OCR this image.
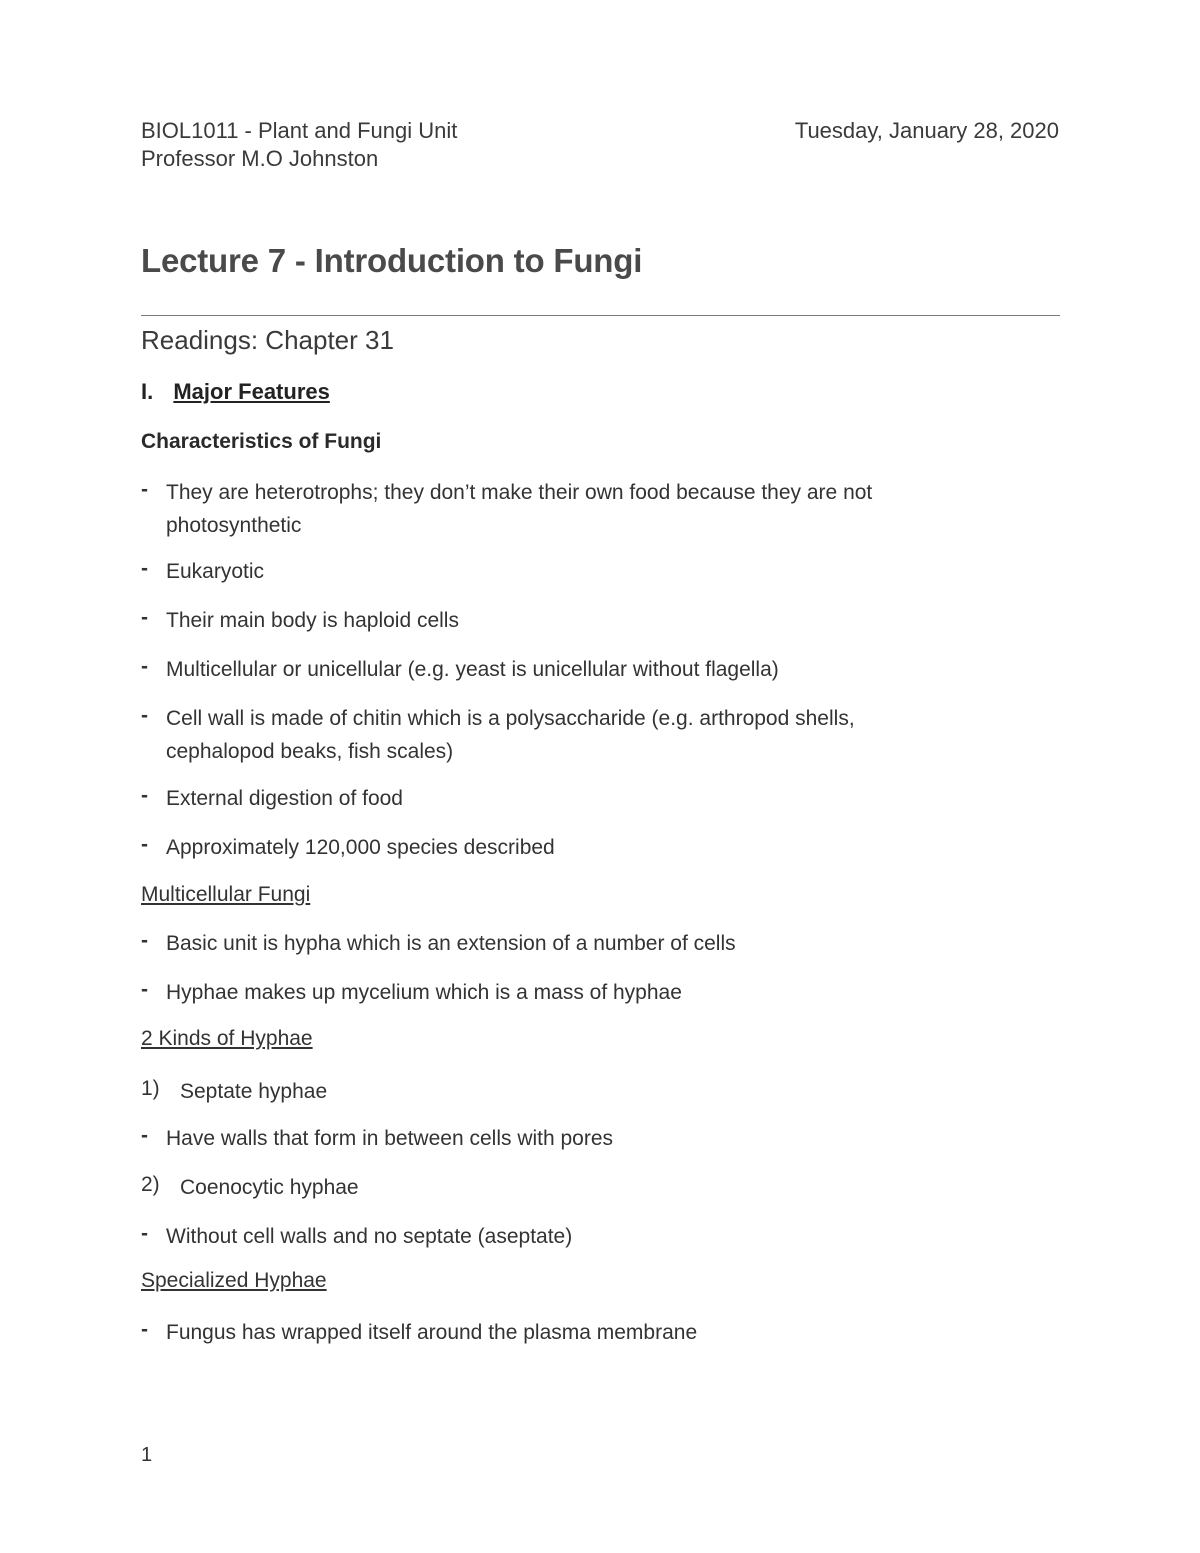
BIOL1011 - Plant and Fungi Unit
Professor M.O Johnston
Tuesday, January 28, 2020
Lecture 7 - Introduction to Fungi
Readings: Chapter 31
I. Major Features
Characteristics of Fungi
- They are heterotrophs; they don’t make their own food because they are not
photosynthetic
- Eukaryotic
- Their main body is haploid cells
- Multicellular or unicellular (e.g. yeast is unicellular without flagella)
- Cell wall is made of chitin which is a polysaccharide (e.g. arthropod shells,
cephalopod beaks, fish scales)
- External digestion of food
- Approximately 120,000 species described
Multicellular Fungi
- Basic unit is hypha which is an extension of a number of cells
- Hyphae makes up mycelium which is a mass of hyphae
2 Kinds of Hyphae
1) Septate hyphae
- Have walls that form in between cells with pores
2) Coenocytic hyphae
- Without cell walls and no septate (aseptate)
Specialized Hyphae
- Fungus has wrapped itself around the plasma membrane
1
